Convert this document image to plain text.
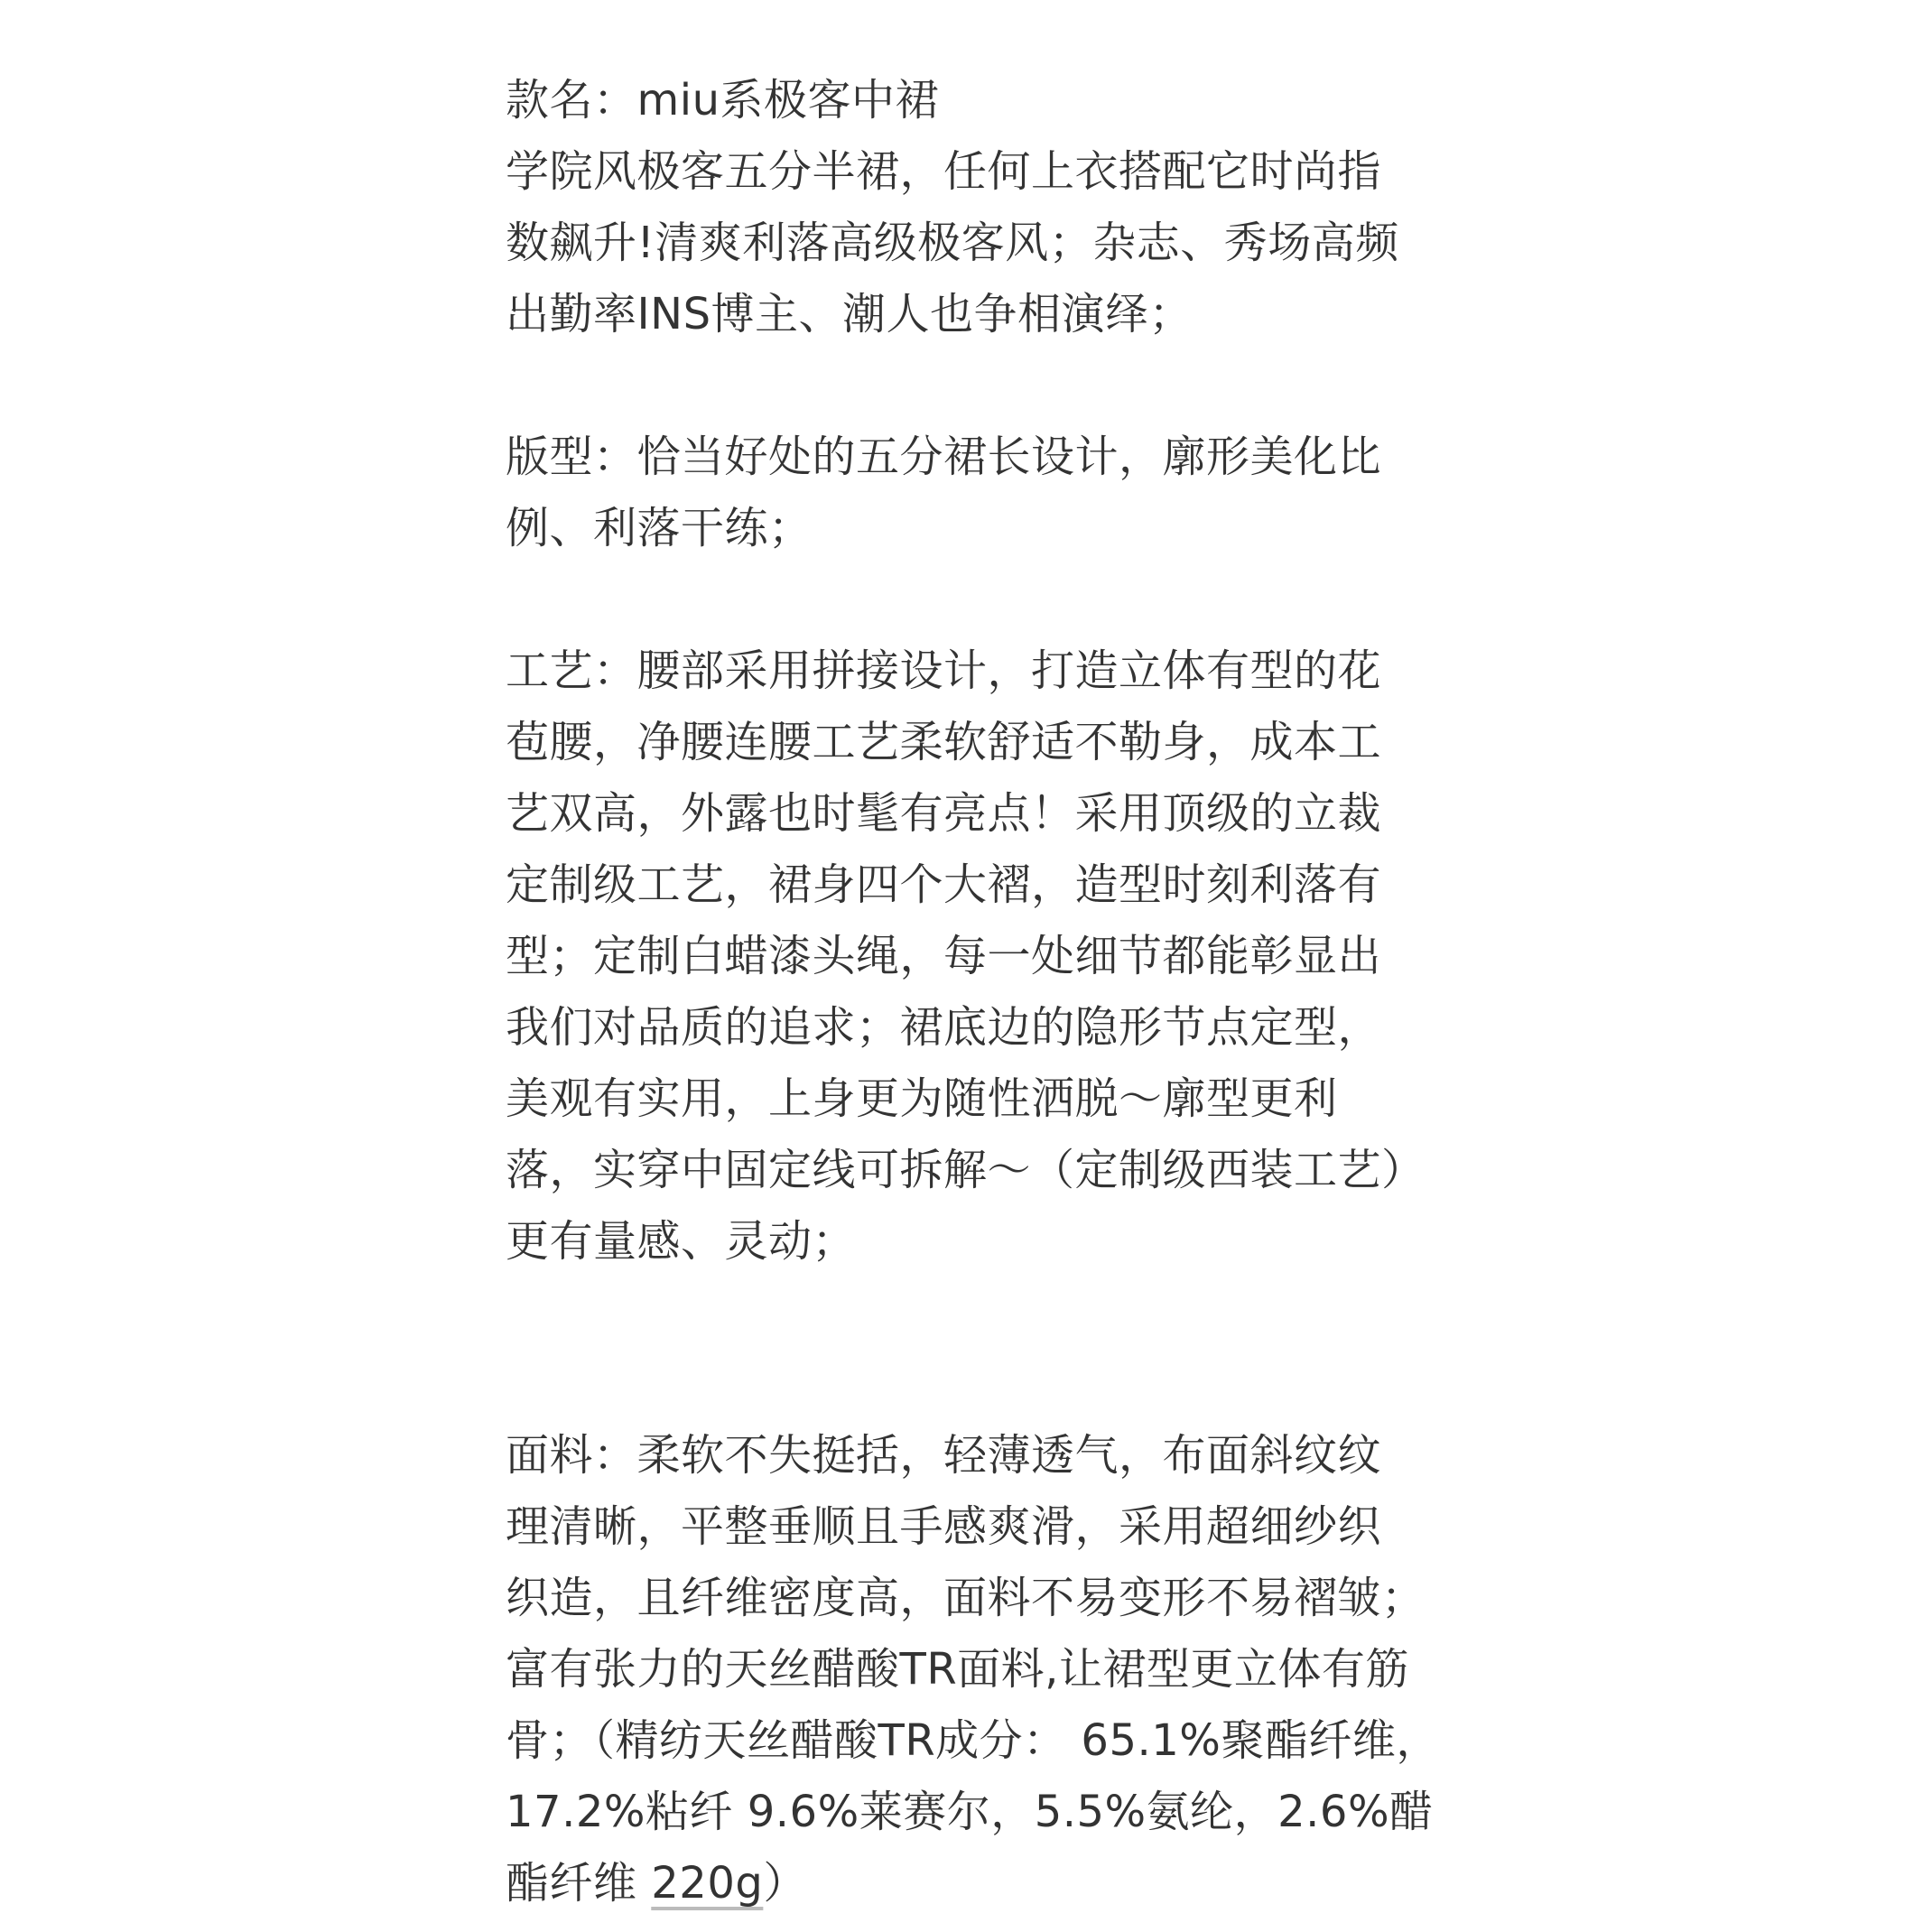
款名：miu系极客中裙
学院风极客五分半裙，任何上衣搭配它时尚指
数飙升!清爽利落高级极客风；杂志、秀场高频
出勤率INS博主、潮人也争相演绎；
版型：恰当好处的五分裙长设计，廓形美化比
例、利落干练；
工艺：腰部采用拼接设计，打造立体有型的花
苞腰，净腰连腰工艺柔软舒适不勒身，成本工
艺双高，外露也时髦有亮点！采用顶级的立裁
定制级工艺，裙身四个大褶，造型时刻利落有
型；定制白蜡漆头绳，每一处细节都能彰显出
我们对品质的追求；裙底边的隐形节点定型，
美观有实用，上身更为随性洒脱～廓型更利
落，实穿中固定线可拆解～（定制级西装工艺）
更有量感、灵动；
面料：柔软不失挺括，轻薄透气，布面斜纹纹
理清晰，平整垂顺且手感爽滑，采用超细纱织
织造，且纤维密度高，面料不易变形不易褶皱；
富有张力的天丝醋酸TR面料,让裙型更立体有筋
骨；（精纺天丝醋酸TR成分： 65.1%聚酯纤维，
17.2%粘纤 9.6%莱赛尔，5.5%氨纶，2.6%醋
酯纤维 220g）
